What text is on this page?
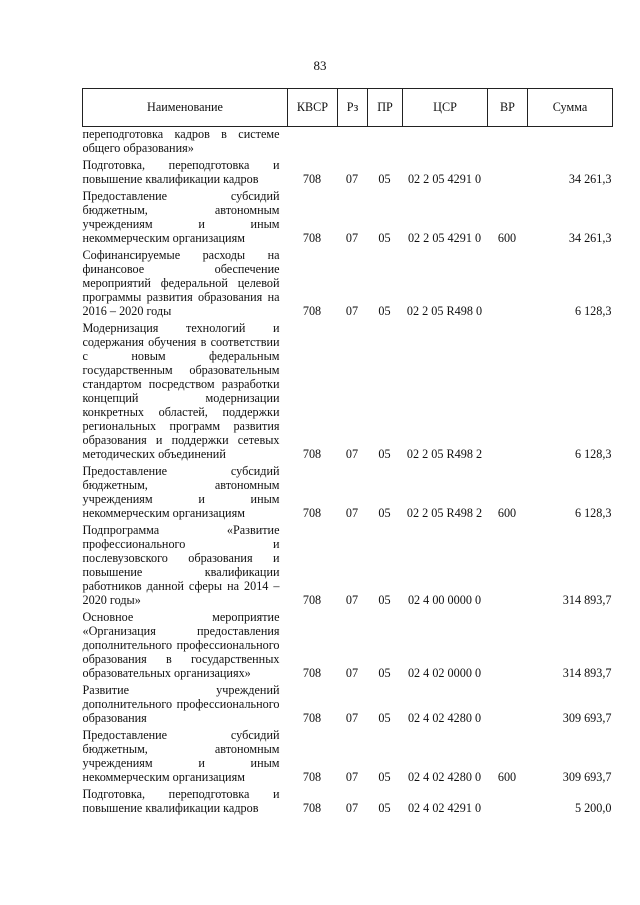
83
Наименование	КВСР	Рз	ПР	ЦСР	ВР	Сумма
переподготовка кадров в системе общего образования»						
Подготовка, переподготовка и повышение квалификации кадров	708	07	05	02 2 05 4291 0		34 261,3
Предоставление субсидий бюджетным, автономным учреждениям и иным некоммерческим организациям	708	07	05	02 2 05 4291 0	600	34 261,3
Софинансируемые расходы на финансовое обеспечение мероприятий федеральной целевой программы развития образования на 2016 – 2020 годы	708	07	05	02 2 05 R498 0		6 128,3
Модернизация технологий и содержания обучения в соответствии с новым федеральным государственным образовательным стандартом посредством разработки концепций модернизации конкретных областей, поддержки региональных программ развития образования и поддержки сетевых методических объединений	708	07	05	02 2 05 R498 2		6 128,3
Предоставление субсидий бюджетным, автономным учреждениям и иным некоммерческим организациям	708	07	05	02 2 05 R498 2	600	6 128,3
Подпрограмма «Развитие профессионального и послевузовского образования и повышение квалификации работников данной сферы на 2014 – 2020 годы»	708	07	05	02 4 00 0000 0		314 893,7
Основное мероприятие «Организация предоставления дополнительного профессионального образования в государственных образовательных организациях»	708	07	05	02 4 02 0000 0		314 893,7
Развитие учреждений дополнительного профессионального образования	708	07	05	02 4 02 4280 0		309 693,7
Предоставление субсидий бюджетным, автономным учреждениям и иным некоммерческим организациям	708	07	05	02 4 02 4280 0	600	309 693,7
Подготовка, переподготовка и повышение квалификации кадров	708	07	05	02 4 02 4291 0		5 200,0
